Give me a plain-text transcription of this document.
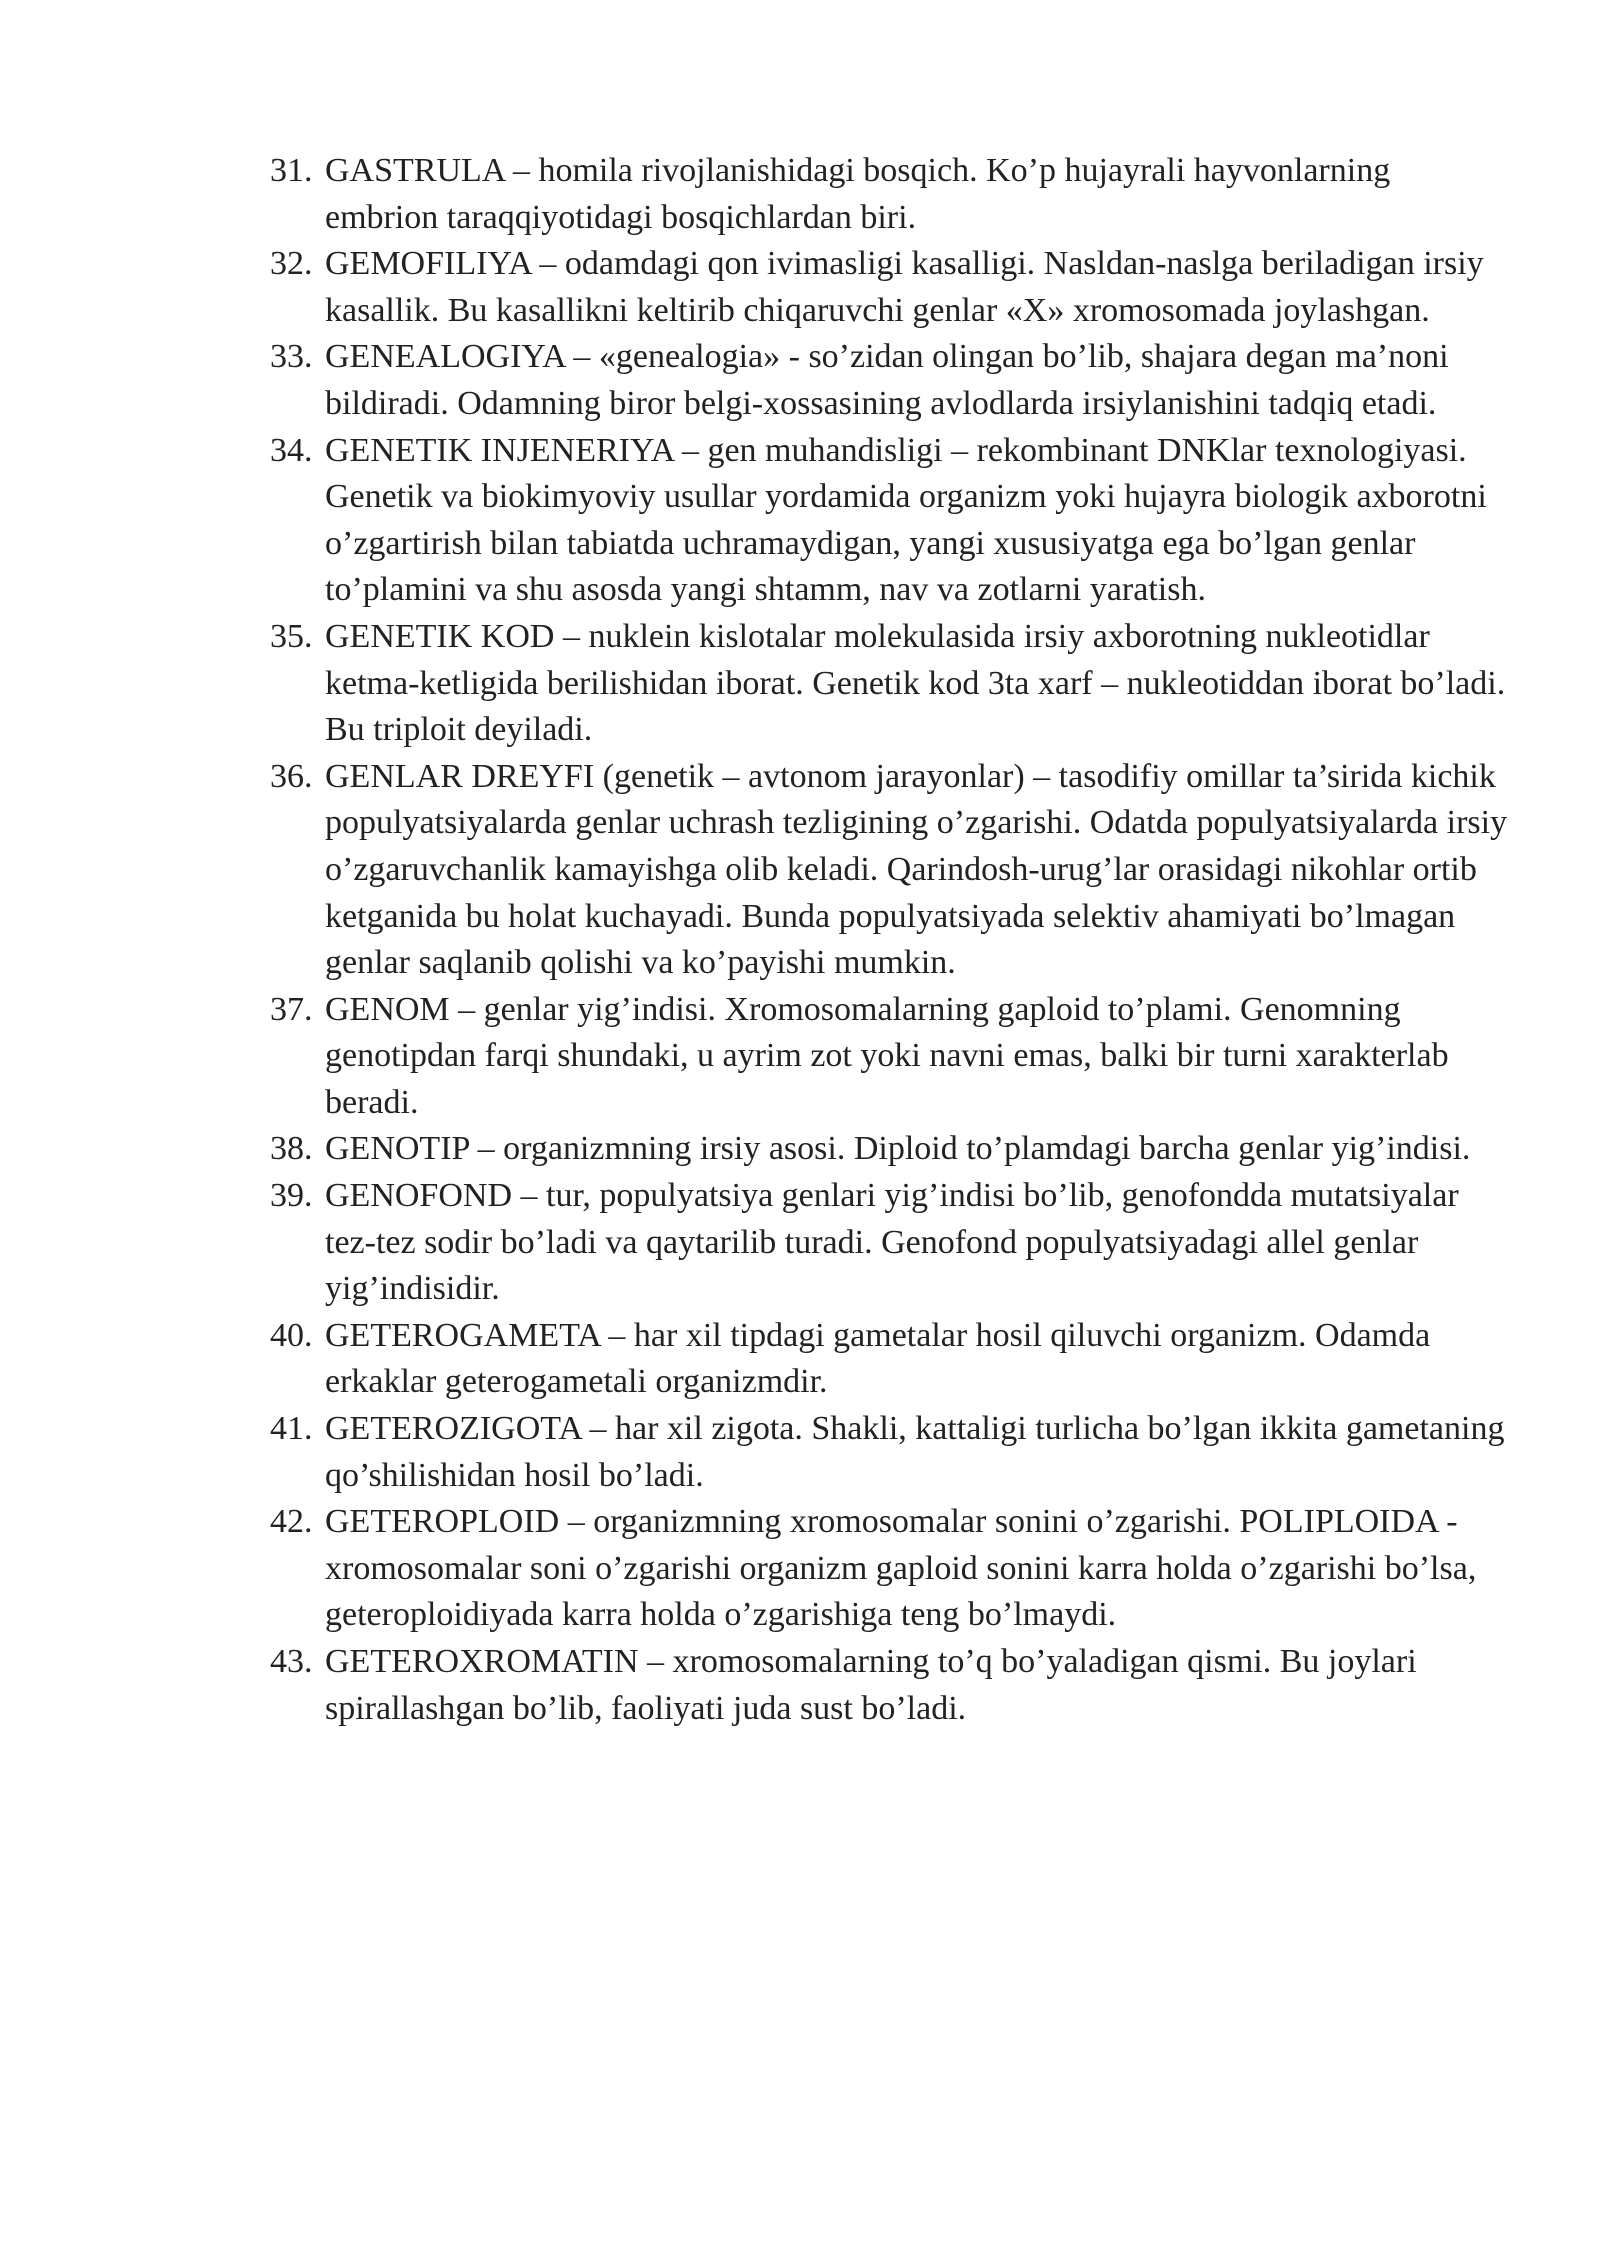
31. GASTRULA – homila rivojlanishidagi bosqich. Ko’p hujayrali hayvonlarning embrion taraqqiyotidagi bosqichlardan biri.
32. GEMOFILIYA – odamdagi qon ivimasligi kasalligi. Nasldan-naslga beriladigan irsiy kasallik. Bu kasallikni keltirib chiqaruvchi genlar «X» xromosomada joylashgan.
33. GENEALOGIYA – «genealogia» - so’zidan olingan bo’lib, shajara degan ma’noni bildiradi. Odamning biror belgi-xossasining avlodlarda irsiylanishini tadqiq etadi.
34. GENETIK INJENERIYA – gen muhandisligi – rekombinant DNKlar texnologiyasi. Genetik va biokimyoviy usullar yordamida organizm yoki hujayra biologik axborotni o’zgartirish bilan tabiatda uchramaydigan, yangi xususiyatga ega bo’lgan genlar to’plamini va shu asosda yangi shtamm, nav va zotlarni yaratish.
35. GENETIK KOD – nuklein kislotalar molekulasida irsiy axborotning nukleotidlar ketma-ketligida berilishidan iborat. Genetik kod 3ta xarf – nukleotiddan iborat bo’ladi. Bu triploit deyiladi.
36. GENLAR DREYFI (genetik – avtonom jarayonlar) – tasodifiy omillar ta’sirida kichik populyatsiyalarda genlar uchrash tezligining o’zgarishi. Odatda populyatsiyalarda irsiy o’zgaruvchanlik kamayishga olib keladi. Qarindosh-urug’lar orasidagi nikohlar ortib ketganida bu holat kuchayadi. Bunda populyatsiyada selektiv ahamiyati bo’lmagan genlar saqlanib qolishi va ko’payishi mumkin.
37. GENOM – genlar yig’indisi. Xromosomalarning gaploid to’plami. Genomning genotipdan farqi shundaki, u ayrim zot yoki navni emas, balki bir turni xarakterlab beradi.
38. GENOTIP – organizmning irsiy asosi. Diploid to’plamdagi barcha genlar yig’indisi.
39. GENOFOND – tur, populyatsiya genlari yig’indisi bo’lib, genofondda mutatsiyalar tez-tez sodir bo’ladi va qaytarilib turadi. Genofond populyatsiyadagi allel genlar yig’indisidir.
40. GETEROGAMETA – har xil tipdagi gametalar hosil qiluvchi organizm. Odamda erkaklar geterogametali organizmdir.
41. GETEROZIGOTA – har xil zigota. Shakli, kattaligi turlicha bo’lgan ikkita gametaning qo’shilishidan hosil bo’ladi.
42. GETEROPLOID – organizmning xromosomalar sonini o’zgarishi. POLIPLOIDA -xromosomalar soni o’zgarishi organizm gaploid sonini karra holda o’zgarishi bo’lsa, geteroploidiyada karra holda o’zgarishiga teng bo’lmaydi.
43. GETEROXROMATIN – xromosomalarning to’q bo’yaladigan qismi. Bu joylari spirallashgan bo’lib, faoliyati juda sust bo’ladi.
